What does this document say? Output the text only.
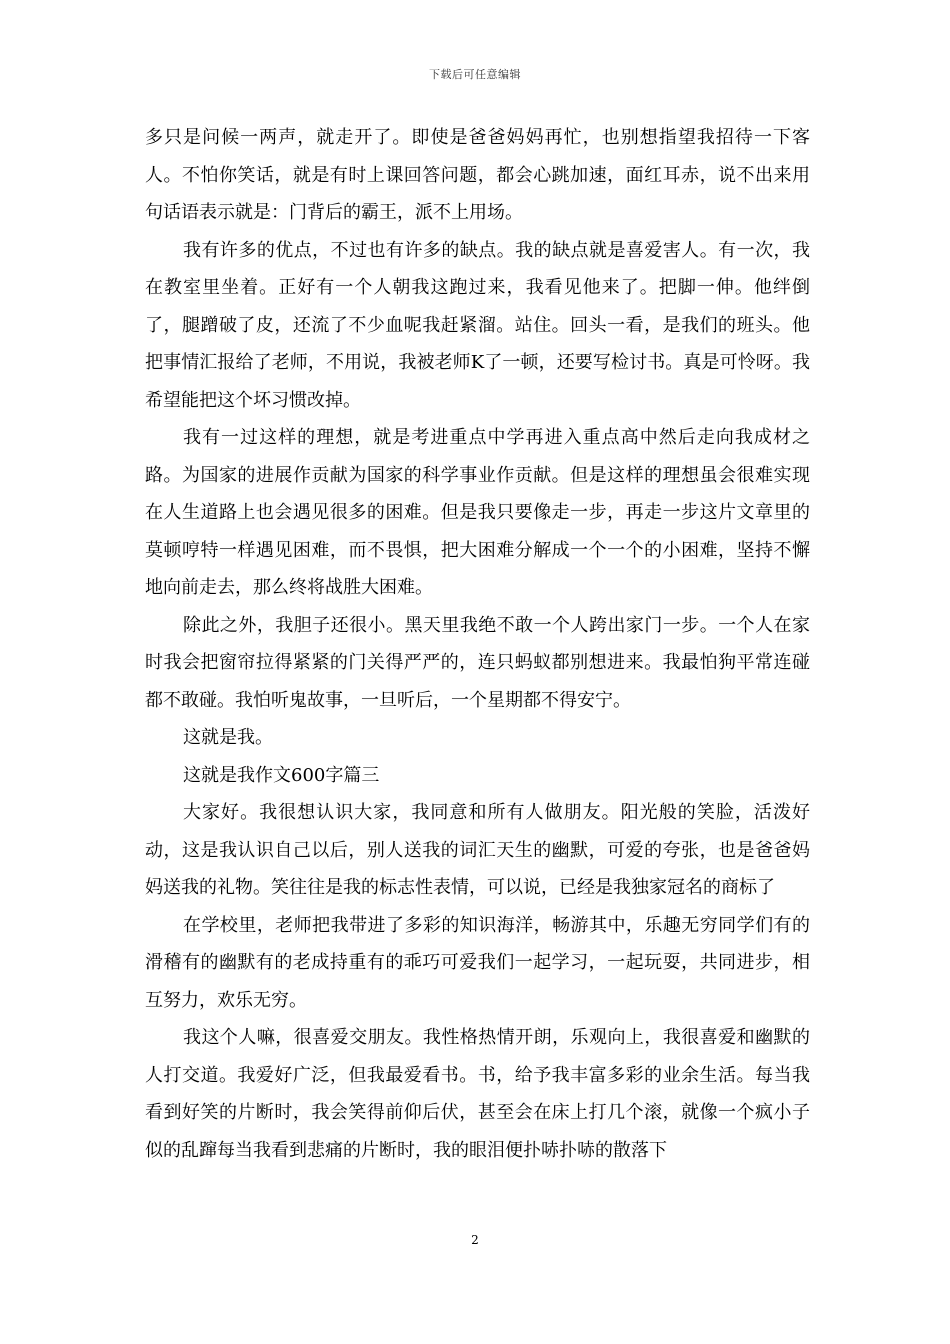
下载后可任意编辑

多只是问候一两声，就走开了。即使是爸爸妈妈再忙，也别想指望我招待一下客人。不怕你笑话，就是有时上课回答问题，都会心跳加速，面红耳赤，说不出来用句话语表示就是：门背后的霸王，派不上用场。

我有许多的优点，不过也有许多的缺点。我的缺点就是喜爱害人。有一次，我在教室里坐着。正好有一个人朝我这跑过来，我看见他来了。把脚一伸。他绊倒了，腿蹭破了皮，还流了不少血呢我赶紧溜。站住。回头一看，是我们的班头。他把事情汇报给了老师，不用说，我被老师K了一顿，还要写检讨书。真是可怜呀。我希望能把这个坏习惯改掉。

我有一过这样的理想，就是考进重点中学再进入重点高中然后走向我成材之路。为国家的进展作贡献为国家的科学事业作贡献。但是这样的理想虽会很难实现在人生道路上也会遇见很多的困难。但是我只要像走一步，再走一步这片文章里的莫顿哼特一样遇见困难，而不畏惧，把大困难分解成一个一个的小困难，坚持不懈地向前走去，那么终将战胜大困难。

除此之外，我胆子还很小。黑天里我绝不敢一个人跨出家门一步。一个人在家时我会把窗帘拉得紧紧的门关得严严的，连只蚂蚁都别想进来。我最怕狗平常连碰都不敢碰。我怕听鬼故事，一旦听后，一个星期都不得安宁。

这就是我。

这就是我作文600字篇三

大家好。我很想认识大家，我同意和所有人做朋友。阳光般的笑脸，活泼好动，这是我认识自己以后，别人送我的词汇天生的幽默，可爱的夸张，也是爸爸妈妈送我的礼物。笑往往是我的标志性表情，可以说，已经是我独家冠名的商标了

在学校里，老师把我带进了多彩的知识海洋，畅游其中，乐趣无穷同学们有的滑稽有的幽默有的老成持重有的乖巧可爱我们一起学习，一起玩耍，共同进步，相互努力，欢乐无穷。

我这个人嘛，很喜爱交朋友。我性格热情开朗，乐观向上，我很喜爱和幽默的人打交道。我爱好广泛，但我最爱看书。书，给予我丰富多彩的业余生活。每当我看到好笑的片断时，我会笑得前仰后伏，甚至会在床上打几个滚，就像一个疯小子似的乱蹿每当我看到悲痛的片断时，我的眼泪便扑哧扑哧的散落下

2
